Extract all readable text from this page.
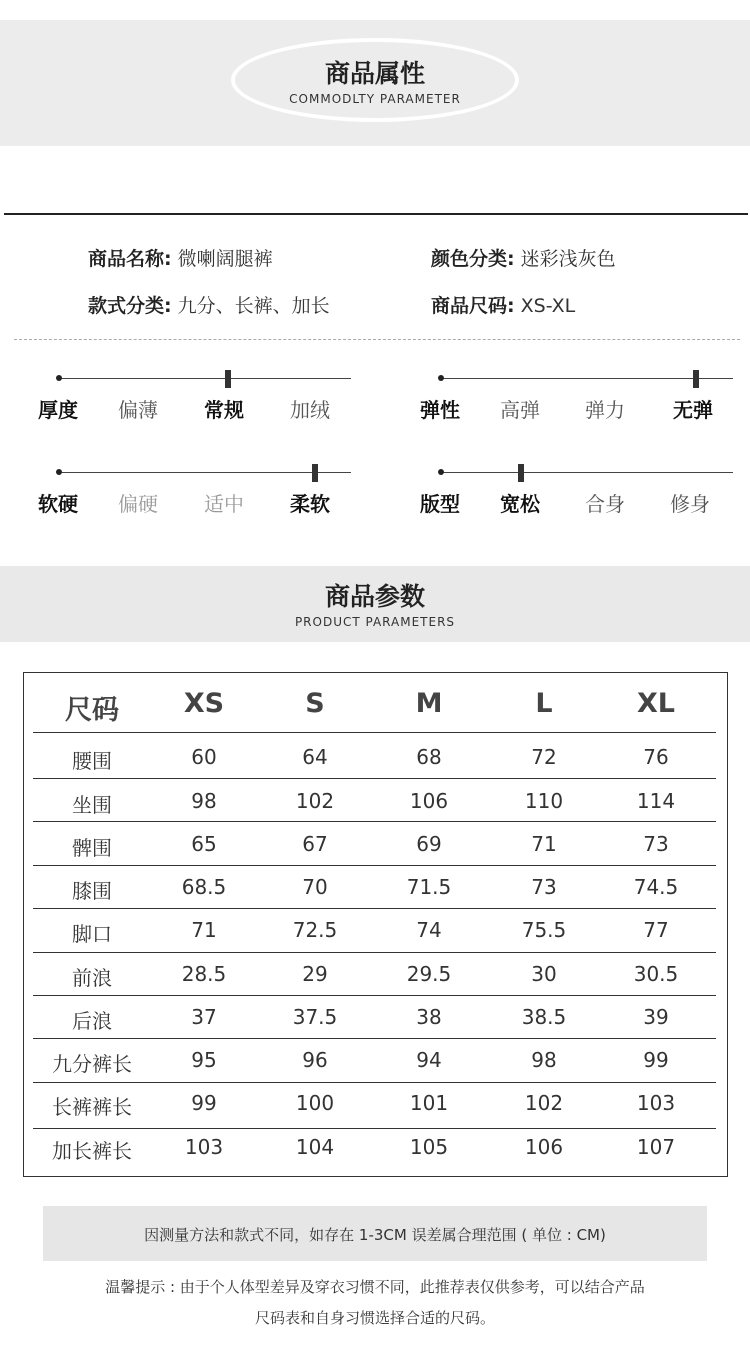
商品属性
COMMODLTY PARAMETER
商品名称: 微喇阔腿裤	颜色分类: 迷彩浅灰色
款式分类: 九分、长裤、加长	商品尺码: XS-XL
厚度 偏薄 常规 加绒	弹性 高弹 弹力 无弹
软硬 偏硬 适中 柔软	版型 宽松 合身 修身
商品参数
PRODUCT PARAMETERS
尺码 XS	S	M	L	XL
腰围	60	64	68	72	76
坐围	98	102	106	110	114
髀围	65	67	69	71	73
膝围	68.5	70	71.5	73	74.5
脚口	71	72.5	74	75.5	77
前浪	28.5	29	29.5	30	30.5
后浪	37	37.5	38	38.5	39
九分裤长	95	96	94	98	99
长裤裤长	99	100	101	102	103
加长裤长	103	104	105	106	107
因测量方法和款式不同，如存在 1-3CM 误差属合理范围 ( 单位 : CM)
温馨提示 : 由于个人体型差异及穿衣习惯不同，此推荐表仅供参考，可以结合产品
尺码表和自身习惯选择合适的尺码。
